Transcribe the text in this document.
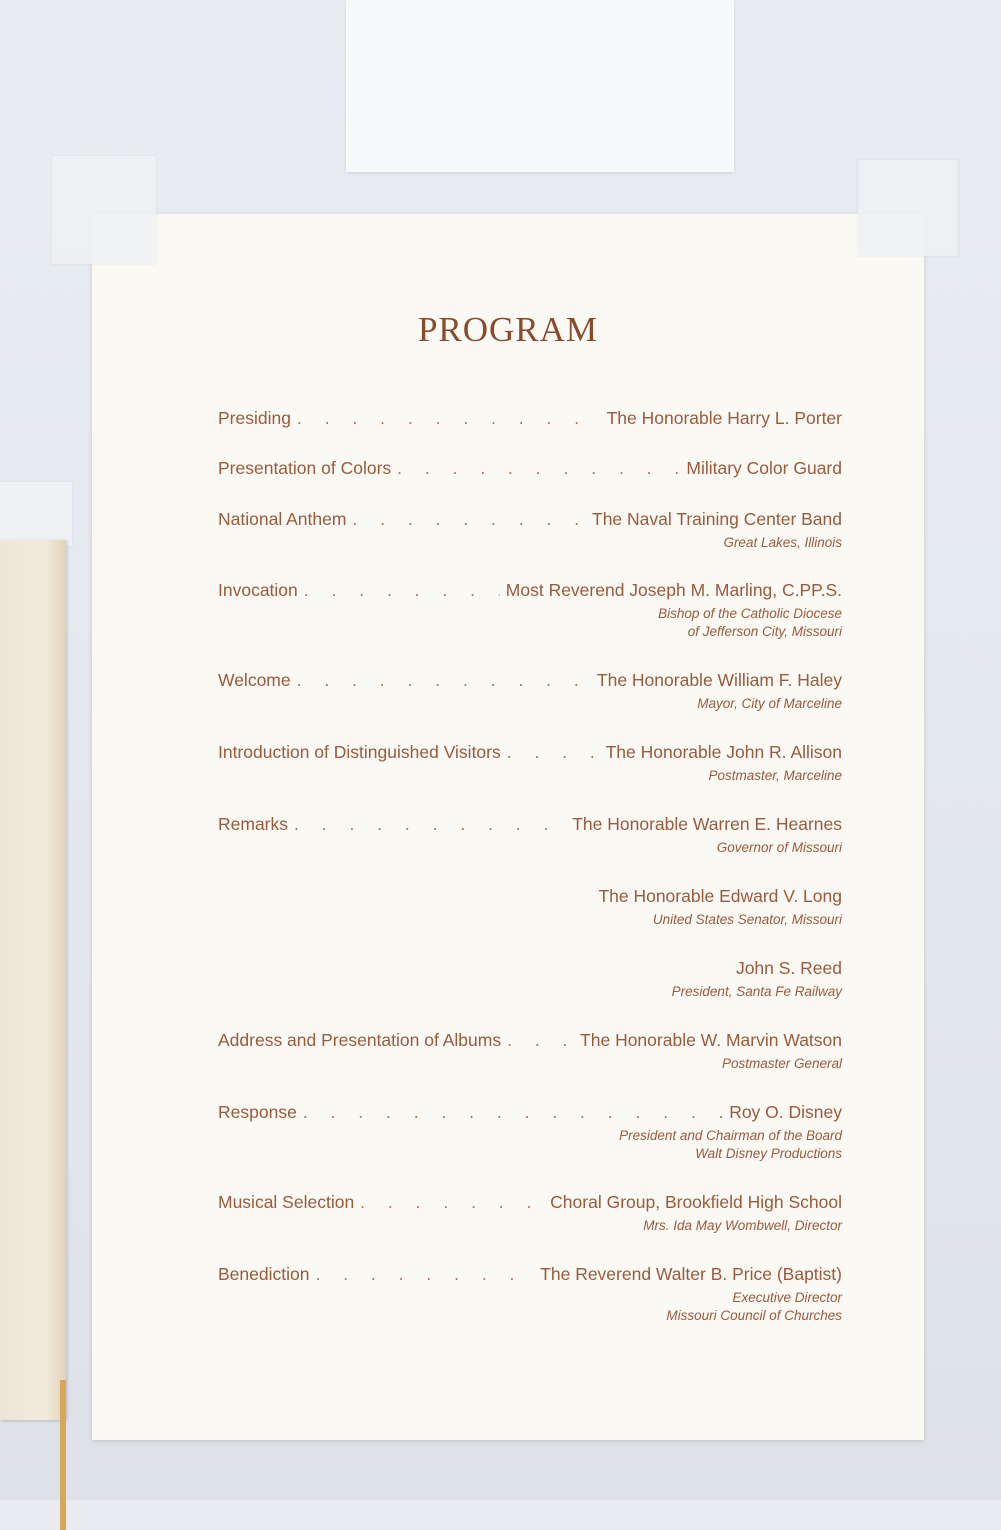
PROGRAM
Presiding . . .	The Honorable Harry L. Porter
Presentation of Colors . . .	Military Color Guard
National Anthem . . .	The Naval Training Center Band
Great Lakes, Illinois
Invocation . . .	Most Reverend Joseph M. Marling, C.PP.S.
Bishop of the Catholic Diocese
of Jefferson City, Missouri
Welcome . . .	The Honorable William F. Haley
Mayor, City of Marceline
Introduction of Distinguished Visitors . . .	The Honorable John R. Allison
Postmaster, Marceline
Remarks . . .	The Honorable Warren E. Hearnes
Governor of Missouri
The Honorable Edward V. Long
United States Senator, Missouri
John S. Reed
President, Santa Fe Railway
Address and Presentation of Albums . . .	The Honorable W. Marvin Watson
Postmaster General
Response . . .	Roy O. Disney
President and Chairman of the Board
Walt Disney Productions
Musical Selection . . .	Choral Group, Brookfield High School
Mrs. Ida May Wombwell, Director
Benediction . . .	The Reverend Walter B. Price (Baptist)
Executive Director
Missouri Council of Churches
